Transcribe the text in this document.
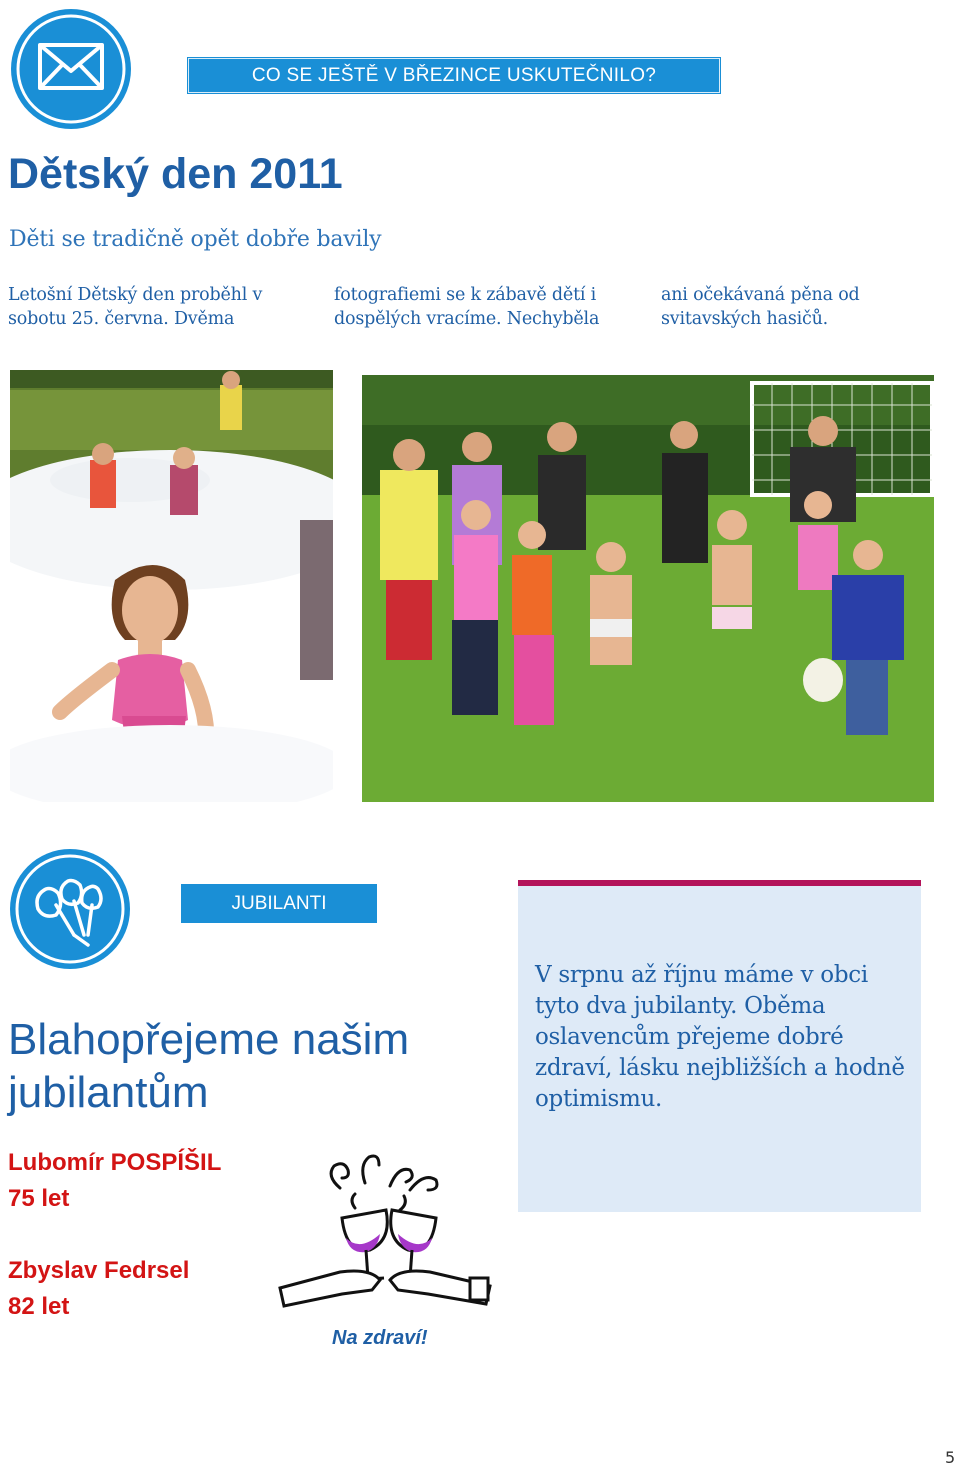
CO SE JEŠTĚ V BŘEZINCE USKUTEČNILO?
Dětský den 2011
Děti se tradičně opět dobře bavily
Letošní Dětský den proběhl v sobotu 25. června. Dvěma
fotografiemi se k zábavě dětí i dospělých vracíme. Nechyběla
ani očekávaná pěna od svitavských hasičů.
JUBILANTI
Blahopřejeme našim jubilantům
Lubomír POSPÍŠIL
75 let
Zbyslav Fedrsel
82 let
Na zdraví!
V srpnu až říjnu máme v obci tyto dva jubilanty. Oběma oslavencům přejeme dobré zdraví, lásku nejbližších a hodně optimismu.
5
